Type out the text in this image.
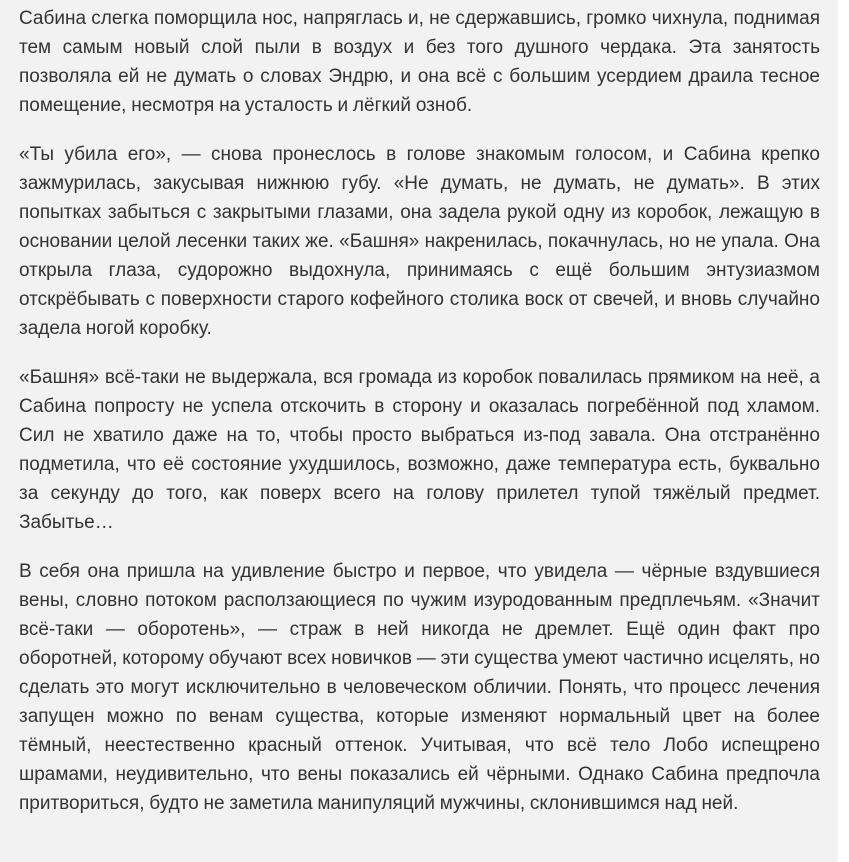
Сабина слегка поморщила нос, напряглась и, не сдержавшись, громко чихнула, поднимая тем самым новый слой пыли в воздух и без того душного чердака. Эта занятость позволяла ей не думать о словах Эндрю, и она всё с большим усердием драила тесное помещение, несмотря на усталость и лёгкий озноб.

«Ты убила его», — снова пронеслось в голове знакомым голосом, и Сабина крепко зажмурилась, закусывая нижнюю губу. «Не думать, не думать, не думать». В этих попытках забыться с закрытыми глазами, она задела рукой одну из коробок, лежащую в основании целой лесенки таких же. «Башня» накренилась, покачнулась, но не упала. Она открыла глаза, судорожно выдохнула, принимаясь с ещё большим энтузиазмом отскрёбывать с поверхности старого кофейного столика воск от свечей, и вновь случайно задела ногой коробку.

«Башня» всё-таки не выдержала, вся громада из коробок повалилась прямиком на неё, а Сабина попросту не успела отскочить в сторону и оказалась погребённой под хламом. Сил не хватило даже на то, чтобы просто выбраться из-под завала. Она отстранённо подметила, что её состояние ухудшилось, возможно, даже температура есть, буквально за секунду до того, как поверх всего на голову прилетел тупой тяжёлый предмет. Забытье…

В себя она пришла на удивление быстро и первое, что увидела — чёрные вздувшиеся вены, словно потоком расползающиеся по чужим изуродованным предплечьям. «Значит всё-таки — оборотень», — страж в ней никогда не дремлет. Ещё один факт про оборотней, которому обучают всех новичков — эти существа умеют частично исцелять, но сделать это могут исключительно в человеческом обличии. Понять, что процесс лечения запущен можно по венам существа, которые изменяют нормальный цвет на более тёмный, неестественно красный оттенок. Учитывая, что всё тело Лобо испещрено шрамами, неудивительно, что вены показались ей чёрными. Однако Сабина предпочла притвориться, будто не заметила манипуляций мужчины, склонившимся над ней.
